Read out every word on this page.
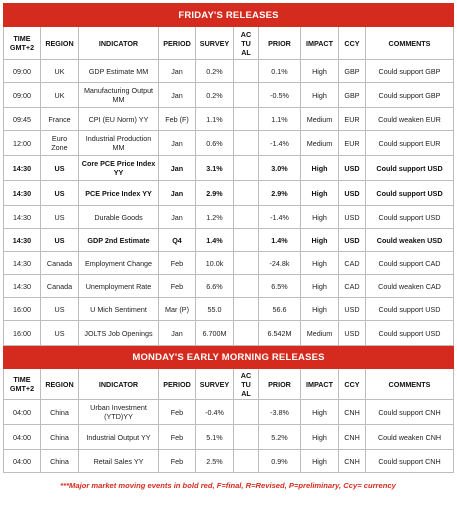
FRIDAY'S RELEASES									
TIME GMT+2	REGION	INDICATOR	PERIOD	SURVEY	AC TU AL	PRIOR	IMPACT	CCY	COMMENTS
09:00	UK	GDP Estimate MM	Jan	0.2%		0.1%	High	GBP	Could support GBP
09:00	UK	Manufacturing Output MM	Jan	0.2%		-0.5%	High	GBP	Could support GBP
09:45	France	CPI (EU Norm) YY	Feb (F)	1.1%		1.1%	Medium	EUR	Could weaken EUR
12:00	Euro Zone	Industrial Production MM	Jan	0.6%		-1.4%	Medium	EUR	Could support EUR
14:30	US	Core PCE Price Index YY	Jan	3.1%		3.0%	High	USD	Could support USD
14:30	US	PCE Price Index YY	Jan	2.9%		2.9%	High	USD	Could support USD
14:30	US	Durable Goods	Jan	1.2%		-1.4%	High	USD	Could support USD
14:30	US	GDP 2nd Estimate	Q4	1.4%		1.4%	High	USD	Could weaken USD
14:30	Canada	Employment Change	Feb	10.0k		-24.8k	High	CAD	Could support CAD
14:30	Canada	Unemployment Rate	Feb	6.6%		6.5%	High	CAD	Could weaken CAD
16:00	US	U Mich Sentiment	Mar (P)	55.0		56.6	High	USD	Could support USD
16:00	US	JOLTS Job Openings	Jan	6.700M		6.542M	Medium	USD	Could support USD
MONDAY'S EARLY MORNING RELEASES									
TIME GMT+2	REGION	INDICATOR	PERIOD	SURVEY	AC TU AL	PRIOR	IMPACT	CCY	COMMENTS
04:00	China	Urban Investment (YTD)YY	Feb	-0.4%		-3.8%	High	CNH	Could support CNH
04:00	China	Industrial Output YY	Feb	5.1%		5.2%	High	CNH	Could weaken CNH
04:00	China	Retail Sales YY	Feb	2.5%		0.9%	High	CNH	Could support CNH
***Major market moving events in bold red, F=final, R=Revised, P=preliminary, Ccy= currency
